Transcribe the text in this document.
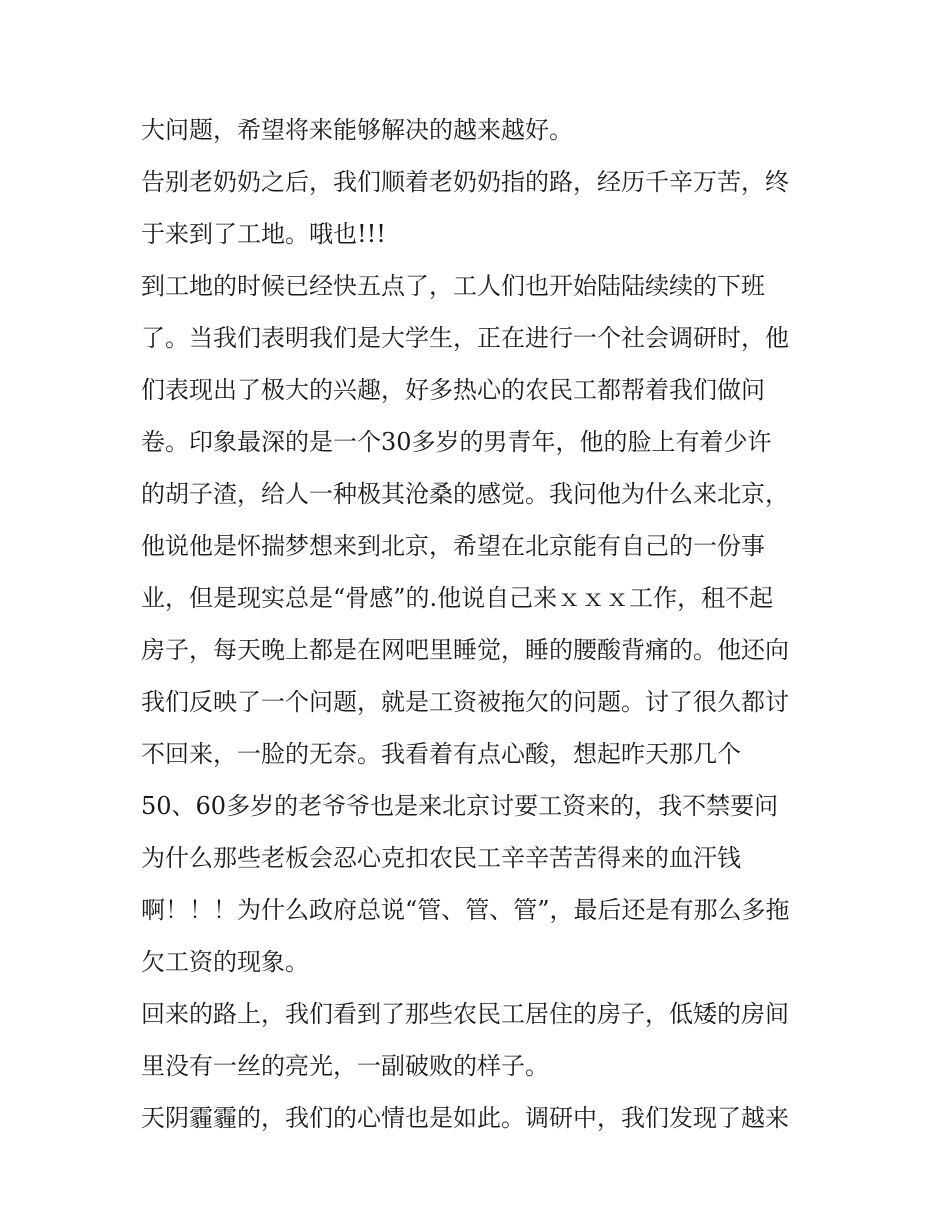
大问题，希望将来能够解决的越来越好。
告别老奶奶之后，我们顺着老奶奶指的路，经历千辛万苦，终
于来到了工地。哦也!!!
到工地的时候已经快五点了，工人们也开始陆陆续续的下班
了。当我们表明我们是大学生，正在进行一个社会调研时，他
们表现出了极大的兴趣，好多热心的农民工都帮着我们做问
卷。印象最深的是一个30多岁的男青年，他的脸上有着少许
的胡子渣，给人一种极其沧桑的感觉。我问他为什么来北京，
他说他是怀揣梦想来到北京，希望在北京能有自己的一份事
业，但是现实总是“骨感”的.他说自己来ｘｘｘ工作，租不起
房子，每天晚上都是在网吧里睡觉，睡的腰酸背痛的。他还向
我们反映了一个问题，就是工资被拖欠的问题。讨了很久都讨
不回来，一脸的无奈。我看着有点心酸，想起昨天那几个
50、60多岁的老爷爷也是来北京讨要工资来的，我不禁要问
为什么那些老板会忍心克扣农民工辛辛苦苦得来的血汗钱
啊！！！为什么政府总说“管、管、管”，最后还是有那么多拖
欠工资的现象。
回来的路上，我们看到了那些农民工居住的房子，低矮的房间
里没有一丝的亮光，一副破败的样子。
天阴霾霾的，我们的心情也是如此。调研中，我们发现了越来
